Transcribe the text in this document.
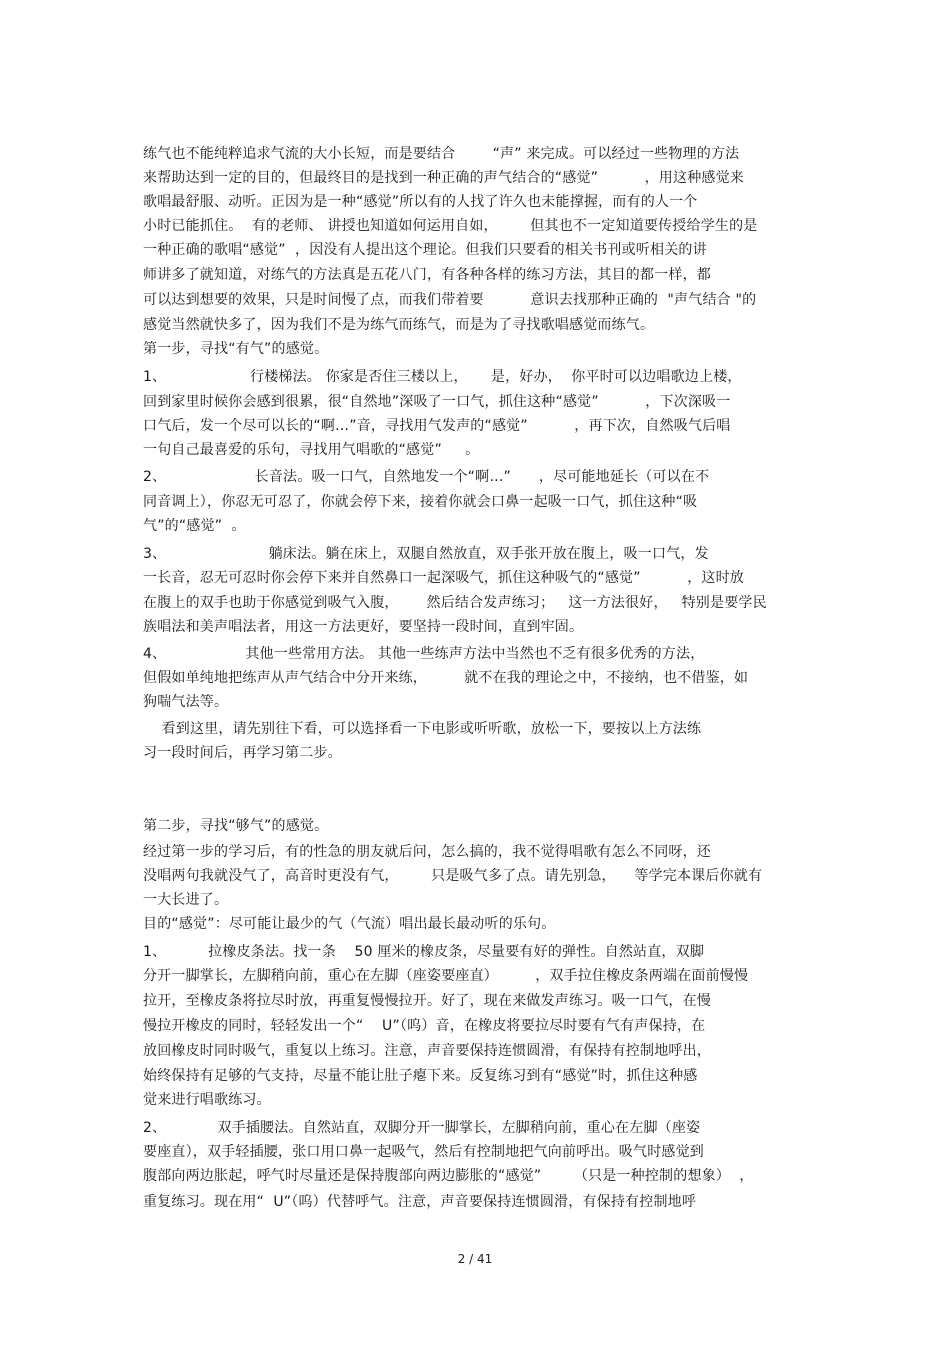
练气也不能纯粹追求气流的大小长短，而是要结合        “声” 来完成。可以经过一些物理的方法

来帮助达到一定的目的，但最终目的是找到一种正确的声气结合的“感觉”          ，用这种感觉来

歌唱最舒服、动听。正因为是一种“感觉”所以有的人找了许久也未能撑握，而有的人一个

小时已能抓住。  有的老师、 讲授也知道如何运用自如，       但其也不一定知道要传授给学生的是

一种正确的歌唱“感觉”  ，因没有人提出这个理论。但我们只要看的相关书刊或听相关的讲

师讲多了就知道，对练气的方法真是五花八门，有各种各样的练习方法，其目的都一样，都

可以达到想要的效果，只是时间慢了点，而我们带着要          意识去找那种正确的  "声气结合 "的

感觉当然就快多了，因为我们不是为练气而练气，而是为了寻找歌唱感觉而练气。

第一步，寻找“有气”的感觉。

1、                  行楼梯法。 你家是否住三楼以上，     是，好办，  你平时可以边唱歌边上楼，

回到家里时候你会感到很累，很“自然地”深吸了一口气，抓住这种“感觉”          ，下次深吸一

口气后，发一个尽可以长的“啊…”音，寻找用气发声的“感觉”          ，再下次，自然吸气后唱

一句自己最喜爱的乐句，寻找用气唱歌的“感觉”     。

2、                   长音法。吸一口气，自然地发一个“啊…”      ，尽可能地延长（可以在不

同音调上），你忍无可忍了，你就会停下来，接着你就会口鼻一起吸一口气，抓住这种“吸

气”的“感觉”  。

3、                      躺床法。躺在床上，双腿自然放直，双手张开放在腹上，吸一口气，发

一长音，忍无可忍时你会停下来并自然鼻口一起深吸气，抓住这种吸气的“感觉”          ，这时放

在腹上的双手也助于你感觉到吸气入腹，      然后结合发声练习；   这一方法很好，   特别是要学民

族唱法和美声唱法者，用这一方法更好，要坚持一段时间，直到牢固。

4、                 其他一些常用方法。 其他一些练声方法中当然也不乏有很多优秀的方法，

但假如单纯地把练声从声气结合中分开来练，        就不在我的理论之中，不接纳，也不借鉴，如

狗喘气法等。

看到这里，请先别往下看，可以选择看一下电影或听听歌，放松一下，要按以上方法练

习一段时间后，再学习第二步。

第二步，寻找“够气”的感觉。

经过第一步的学习后，有的性急的朋友就后问，怎么搞的，我不觉得唱歌有怎么不同呀，还

没唱两句我就没气了，高音时更没有气，       只是吸气多了点。请先别急，    等学完本课后你就有

一大长进了。

目的“感觉”：尽可能让最少的气（气流）唱出最长最动听的乐句。

1、         拉橡皮条法。找一条    50 厘米的橡皮条，尽量要有好的弹性。自然站直，双脚

分开一脚掌长，左脚稍向前，重心在左脚（座姿要座直）        ，双手拉住橡皮条两端在面前慢慢

拉开，至橡皮条将拉尽时放，再重复慢慢拉开。好了，现在来做发声练习。吸一口气，在慢

慢拉开橡皮的同时，轻轻发出一个“    U”（呜）音，在橡皮将要拉尽时要有气有声保持，在

放回橡皮时同时吸气，重复以上练习。注意，声音要保持连惯圆滑，有保持有控制地呼出，

始终保持有足够的气支持，尽量不能让肚子瘪下来。反复练习到有“感觉”时，抓住这种感

觉来进行唱歌练习。

2、           双手插腰法。自然站直，双脚分开一脚掌长，左脚稍向前，重心在左脚（座姿

要座直），双手轻插腰，张口用口鼻一起吸气，然后有控制地把气向前呼出。吸气时感觉到

腹部向两边胀起，呼气时尽量还是保持腹部向两边膨胀的“感觉”       （只是一种控制的想象）  ，

重复练习。现在用“  U”（呜）代替呼气。注意，声音要保持连惯圆滑，有保持有控制地呼

2 / 41
